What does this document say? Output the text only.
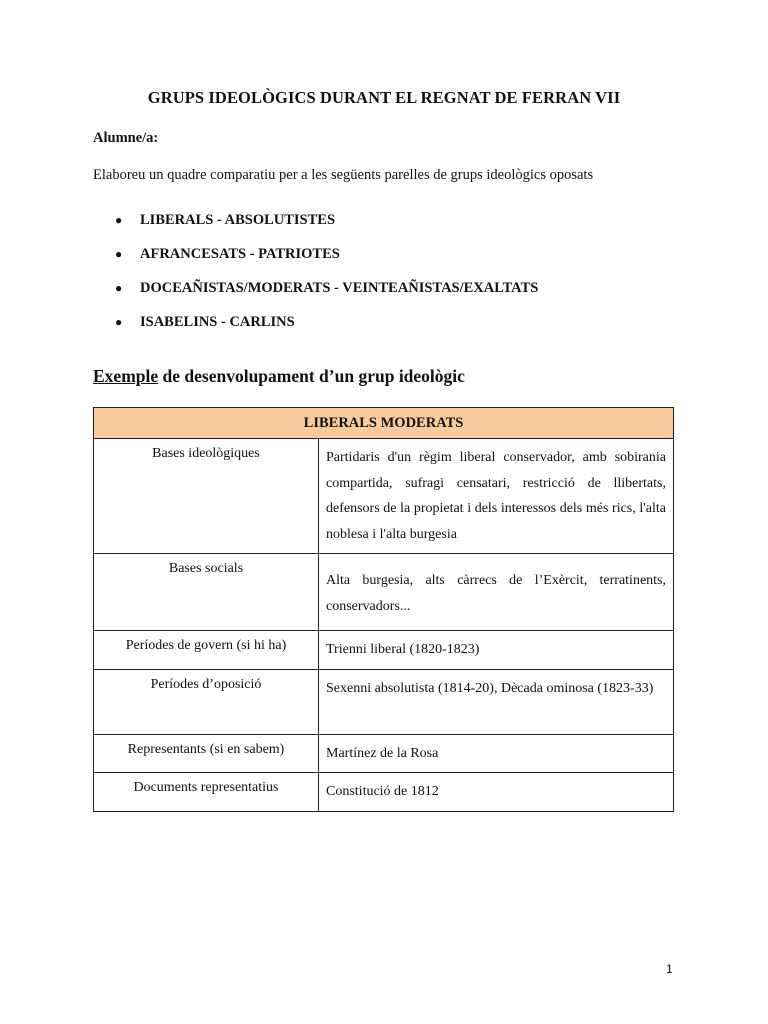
GRUPS IDEOLÒGICS DURANT EL REGNAT DE FERRAN VII
Alumne/a:
Elaboreu un quadre comparatiu per a les següents parelles de grups ideològics oposats
●	LIBERALS - ABSOLUTISTES
●	AFRANCESATS - PATRIOTES
●	DOCEAÑISTAS/MODERATS - VEINTEAÑISTAS/EXALTATS
●	ISABELINS - CARLINS
Exemple de desenvolupament d’un grup ideològic
LIBERALS MODERATS	
Bases ideològiques	Partidaris d'un règim liberal conservador, amb sobirania compartida, sufragi censatari, restricció de llibertats, defensors de la propietat i dels interessos dels més rics, l'alta noblesa i l'alta burgesia
Bases socials	Alta burgesia, alts càrrecs de l’Exèrcit, terratinents, conservadors...
Períodes de govern (si hi ha)	Trienni liberal (1820-1823)
Períodes d’oposició	Sexenni absolutista (1814-20), Dècada ominosa (1823-33)
Representants (si en sabem)	Martínez de la Rosa
Documents representatius	Constitució de 1812
1
